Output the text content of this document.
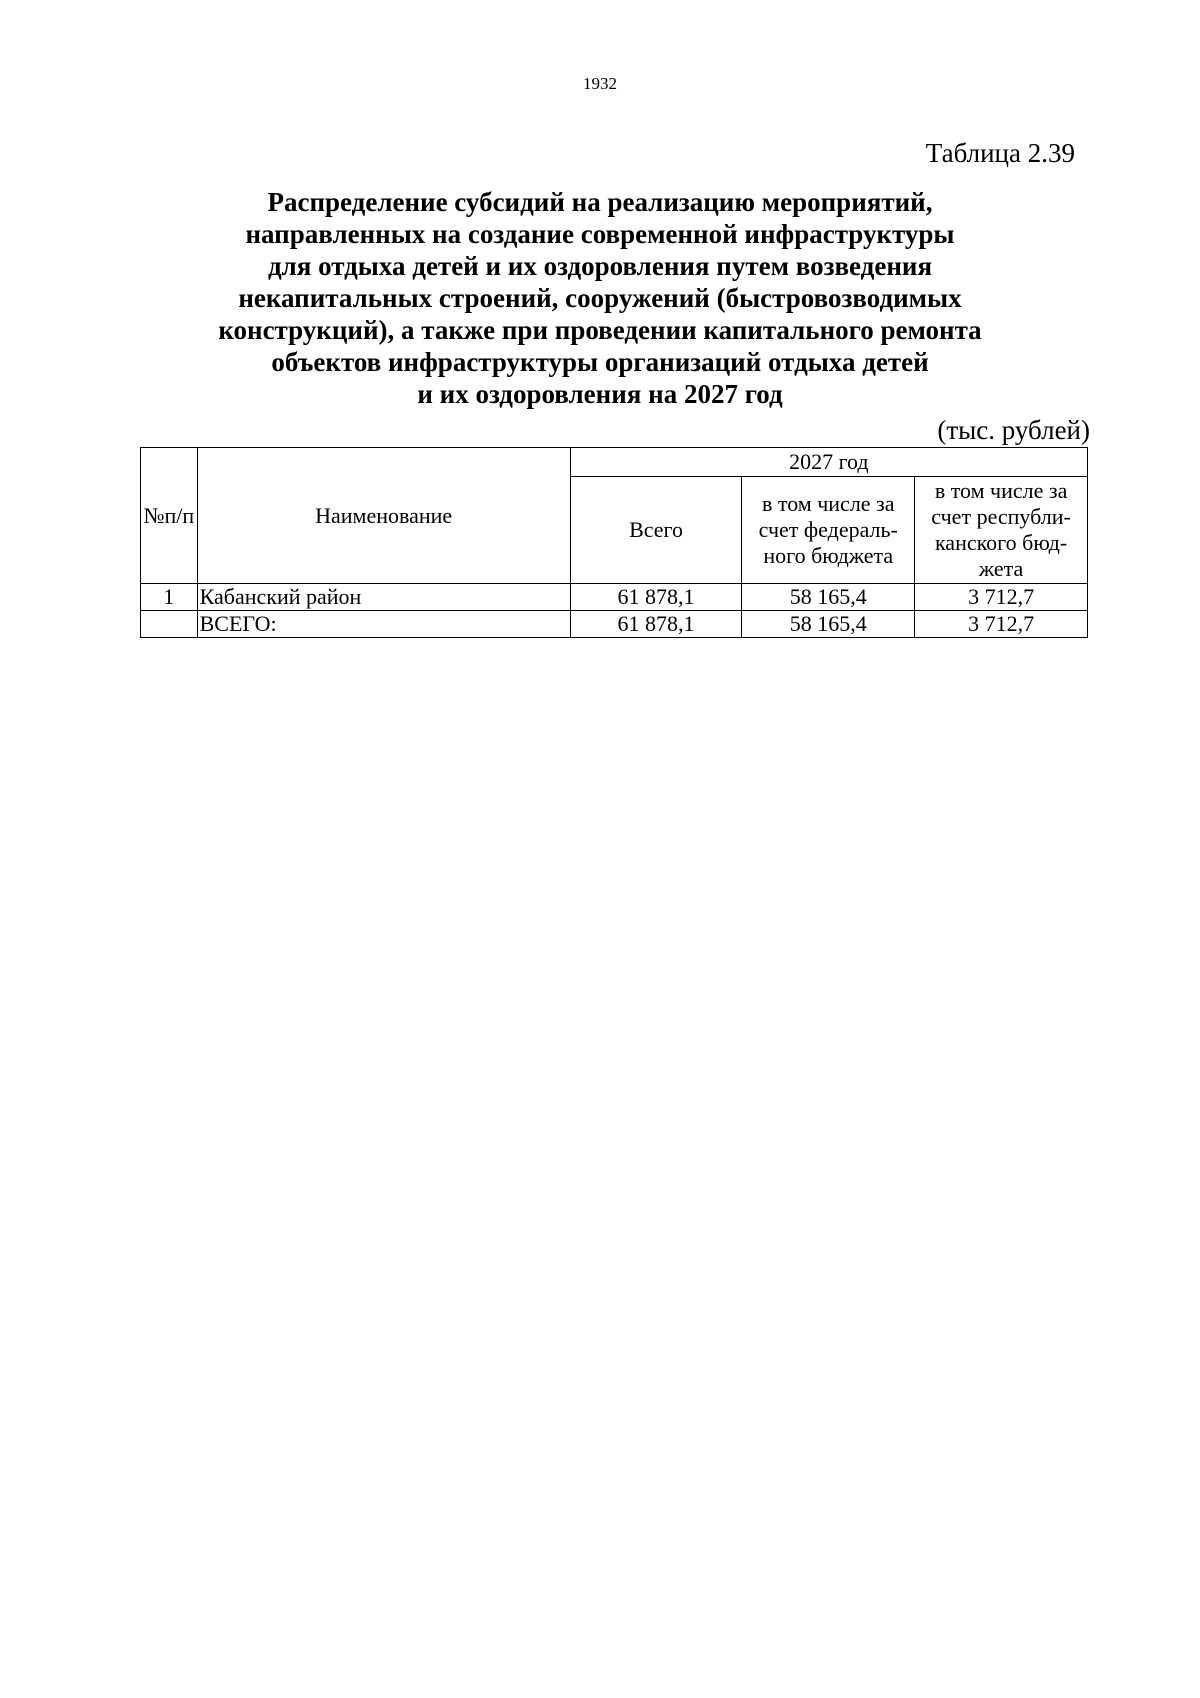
1932
Таблица 2.39
Распределение субсидий на реализацию мероприятий,
направленных на создание современной инфраструктуры
для отдыха детей и их оздоровления путем возведения
некапитальных строений, сооружений (быстровозводимых
конструкций), а также при проведении капитального ремонта
объектов инфраструктуры организаций отдыха детей
и их оздоровления на 2027 год
(тыс. рублей)
№п/п	Наименование	2027 год		
		Всего	в том числе за счет федераль-ного бюджета	в том числе за счет республи-канского бюд-жета
1	Кабанский район	61 878,1	58 165,4	3 712,7
	ВСЕГО:	61 878,1	58 165,4	3 712,7
